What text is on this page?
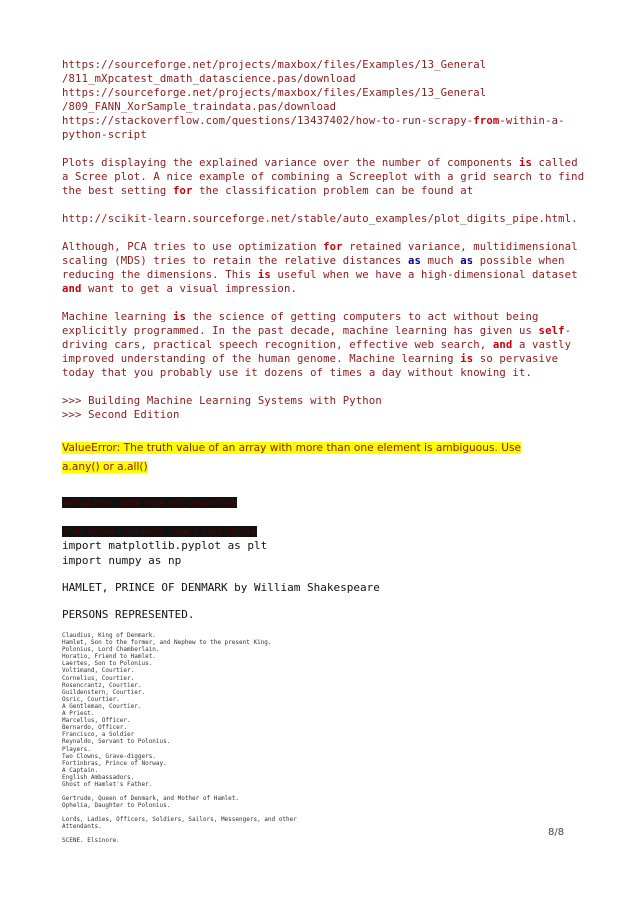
https://sourceforge.net/projects/maxbox/files/Examples/13_General
/811_mXpcatest_dmath_datascience.pas/download
https://sourceforge.net/projects/maxbox/files/Examples/13_General
/809_FANN_XorSample_traindata.pas/download
https://stackoverflow.com/questions/13437402/how-to-run-scrapy-from-within-a-
python-script
Plots displaying the explained variance over the number of components is called
a Scree plot. A nice example of combining a Screeplot with a grid search to find
the best setting for the classification problem can be found at
http://scikit-learn.sourceforge.net/stable/auto_examples/plot_digits_pipe.html.
Although, PCA tries to use optimization for retained variance, multidimensional
scaling (MDS) tries to retain the relative distances as much as possible when
reducing the dimensions. This is useful when we have a high-dimensional dataset
and want to get a visual impression.
Machine learning is the science of getting computers to act without being
explicitly programmed. In the past decade, machine learning has given us self-
driving cars, practical speech recognition, effective web search, and a vastly
improved understanding of the human genome. Machine learning is so pervasive
today that you probably use it dozens of times a day without knowing it.
>>> Building Machine Learning Systems with Python
>>> Second Edition
ValueError: The truth value of an array with more than one element is ambiguous. Use
a.any() or a.all()
ValueError: data type not understood
from sklearn.datasets import load_digits
import matplotlib.pyplot as plt
import numpy as np
HAMLET, PRINCE OF DENMARK by William Shakespeare
PERSONS REPRESENTED.
Claudius, King of Denmark.
Hamlet, Son to the former, and Nephew to the present King.
Polonius, Lord Chamberlain.
Horatio, Friend to Hamlet.
Laertes, Son to Polonius.
Voltimand, Courtier.
Cornelius, Courtier.
Rosencrantz, Courtier.
Guildenstern, Courtier.
Osric, Courtier.
A Gentleman, Courtier.
A Priest.
Marcellus, Officer.
Bernardo, Officer.
Francisco, a Soldier
Reynaldo, Servant to Polonius.
Players.
Two Clowns, Grave-diggers.
Fortinbras, Prince of Norway.
A Captain.
English Ambassadors.
Ghost of Hamlet's Father.
Gertrude, Queen of Denmark, and Mother of Hamlet.
Ophelia, Daughter to Polonius.
Lords, Ladies, Officers, Soldiers, Sailors, Messengers, and other
Attendants.
SCENE. Elsinore.
8/8
